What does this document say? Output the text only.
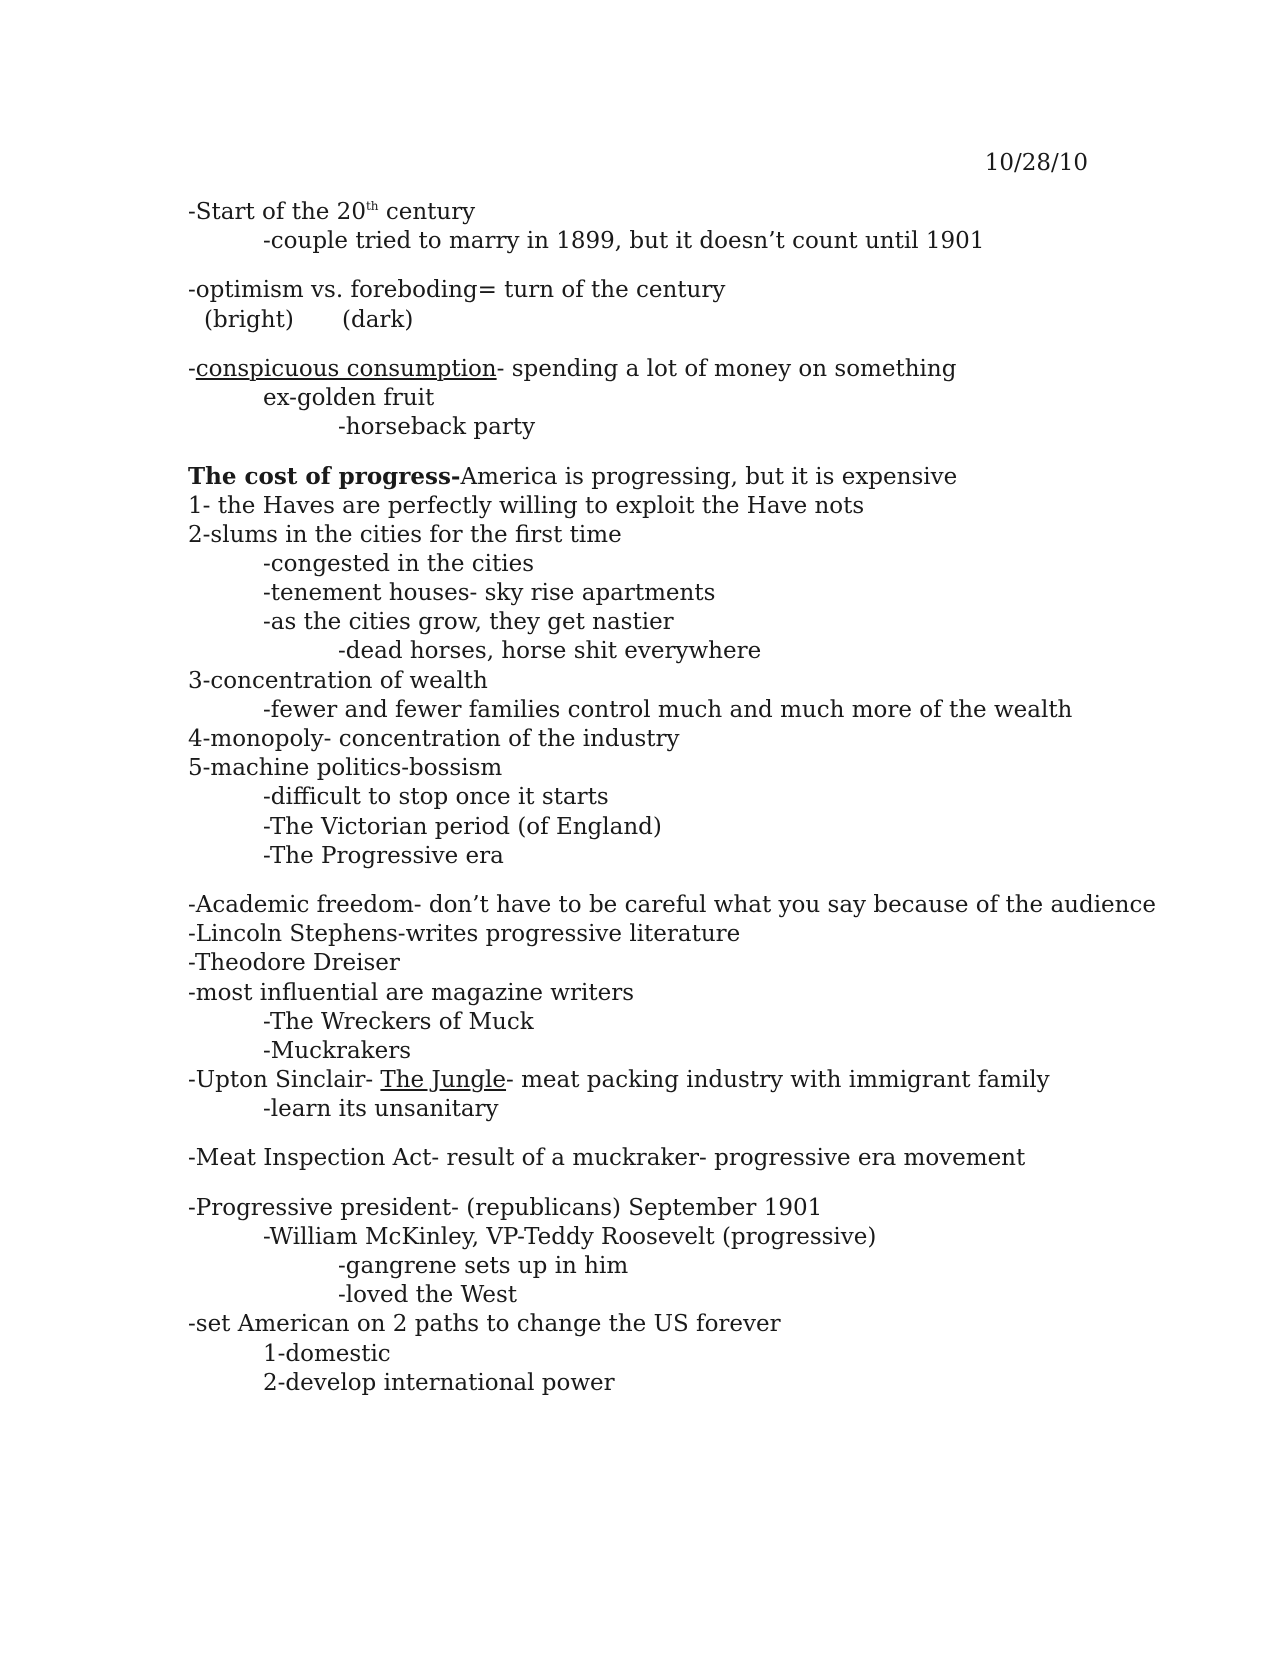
10/28/10
-Start of the 20th century
-couple tried to marry in 1899, but it doesn’t count until 1901
-optimism vs. foreboding= turn of the century
(bright) (dark)
-conspicuous consumption- spending a lot of money on something
ex-golden fruit
-horseback party
The cost of progress-America is progressing, but it is expensive
1- the Haves are perfectly willing to exploit the Have nots
2-slums in the cities for the first time
-congested in the cities
-tenement houses- sky rise apartments
-as the cities grow, they get nastier
-dead horses, horse shit everywhere
3-concentration of wealth
-fewer and fewer families control much and much more of the wealth
4-monopoly- concentration of the industry
5-machine politics-bossism
-difficult to stop once it starts
-The Victorian period (of England)
-The Progressive era
-Academic freedom- don’t have to be careful what you say because of the audience
-Lincoln Stephens-writes progressive literature
-Theodore Dreiser
-most influential are magazine writers
-The Wreckers of Muck
-Muckrakers
-Upton Sinclair- The Jungle- meat packing industry with immigrant family
-learn its unsanitary
-Meat Inspection Act- result of a muckraker- progressive era movement
-Progressive president- (republicans) September 1901
-William McKinley, VP-Teddy Roosevelt (progressive)
-gangrene sets up in him
-loved the West
-set American on 2 paths to change the US forever
1-domestic
2-develop international power
